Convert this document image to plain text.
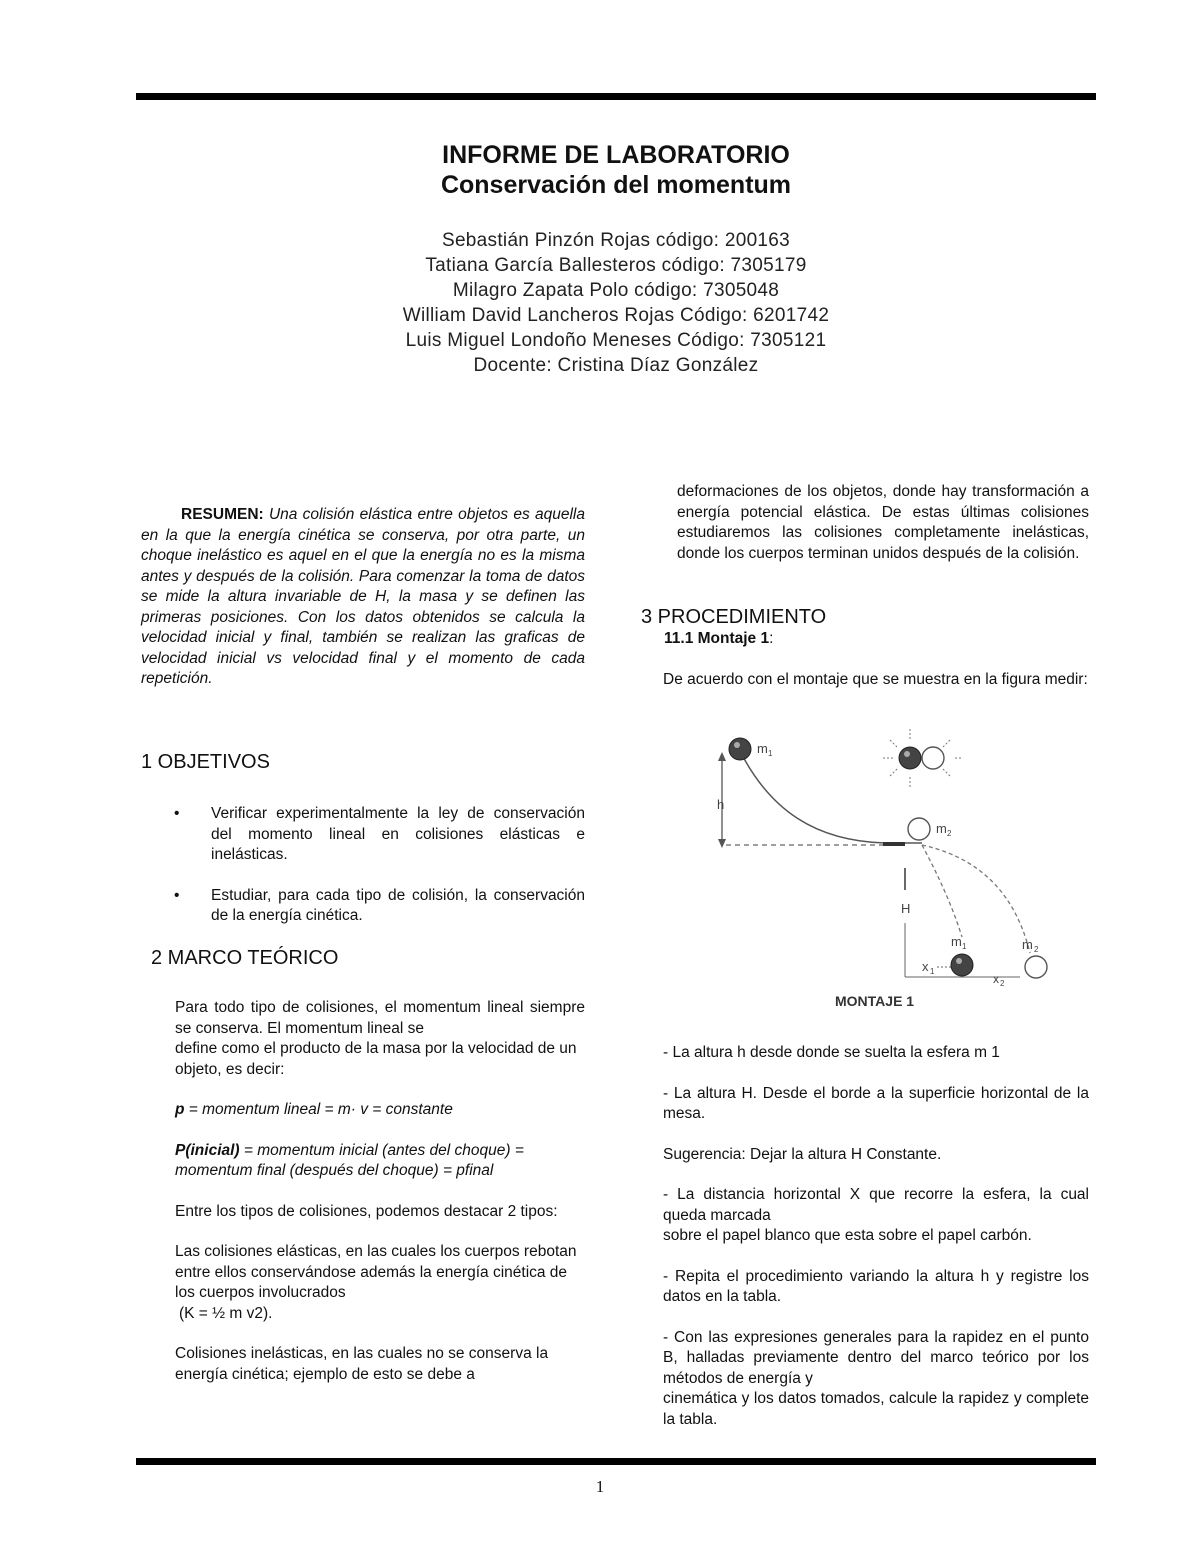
INFORME DE LABORATORIO
Conservación del momentum
Sebastián Pinzón Rojas código: 200163
Tatiana García Ballesteros código: 7305179
Milagro Zapata Polo código: 7305048
William David Lancheros Rojas Código: 6201742
Luis Miguel Londoño Meneses Código: 7305121
Docente: Cristina Díaz González

RESUMEN: Una colisión elástica entre objetos es aquella en la que la energía cinética se conserva, por otra parte, un choque inelástico es aquel en el que la energía no es la misma antes y después de la colisión. Para comenzar la toma de datos se mide la altura invariable de H, la masa y se definen las primeras posiciones. Con los datos obtenidos se calcula la velocidad inicial y final, también se realizan las graficas de velocidad inicial vs velocidad final y el momento de cada repetición.

1 OBJETIVOS
• Verificar experimentalmente la ley de conservación del momento lineal en colisiones elásticas e inelásticas.
• Estudiar, para cada tipo de colisión, la conservación de la energía cinética.
2 MARCO TEÓRICO

Para todo tipo de colisiones, el momentum lineal siempre se conserva. El momentum lineal se

define como el producto de la masa por la velocidad de un objeto, es decir:

p = momentum lineal = m· v = constante

P(inicial) = momentum inicial (antes del choque) = momentum final (después del choque) = pfinal

Entre los tipos de colisiones, podemos destacar 2 tipos:

Las colisiones elásticas, en las cuales los cuerpos rebotan entre ellos conservándose además la energía cinética de los cuerpos involucrados

(K = ½ m v2).

Colisiones inelásticas, en las cuales no se conserva la energía cinética; ejemplo de esto se debe a

deformaciones de los objetos, donde hay transformación a energía potencial elástica. De estas últimas colisiones estudiaremos las colisiones completamente inelásticas, donde los cuerpos terminan unidos después de la colisión.

3 PROCEDIMIENTO

11.1 Montaje 1:

De acuerdo con el montaje que se muestra en la figura medir:

h
m 1
m 2
H
x 1
x 2
m 1	m 2
MONTAJE 1

- La altura h desde donde se suelta la esfera m 1

- La altura H. Desde el borde a la superficie horizontal de la mesa.

Sugerencia: Dejar la altura H Constante.

- La distancia horizontal X que recorre la esfera, la cual queda marcada

sobre el papel blanco que esta sobre el papel carbón.

- Repita el procedimiento variando la altura h y registre los datos en la tabla.

- Con las expresiones generales para la rapidez en el punto B, halladas previamente dentro del marco teórico por los métodos de energía y

cinemática y los datos tomados, calcule la rapidez y complete la tabla.

1
